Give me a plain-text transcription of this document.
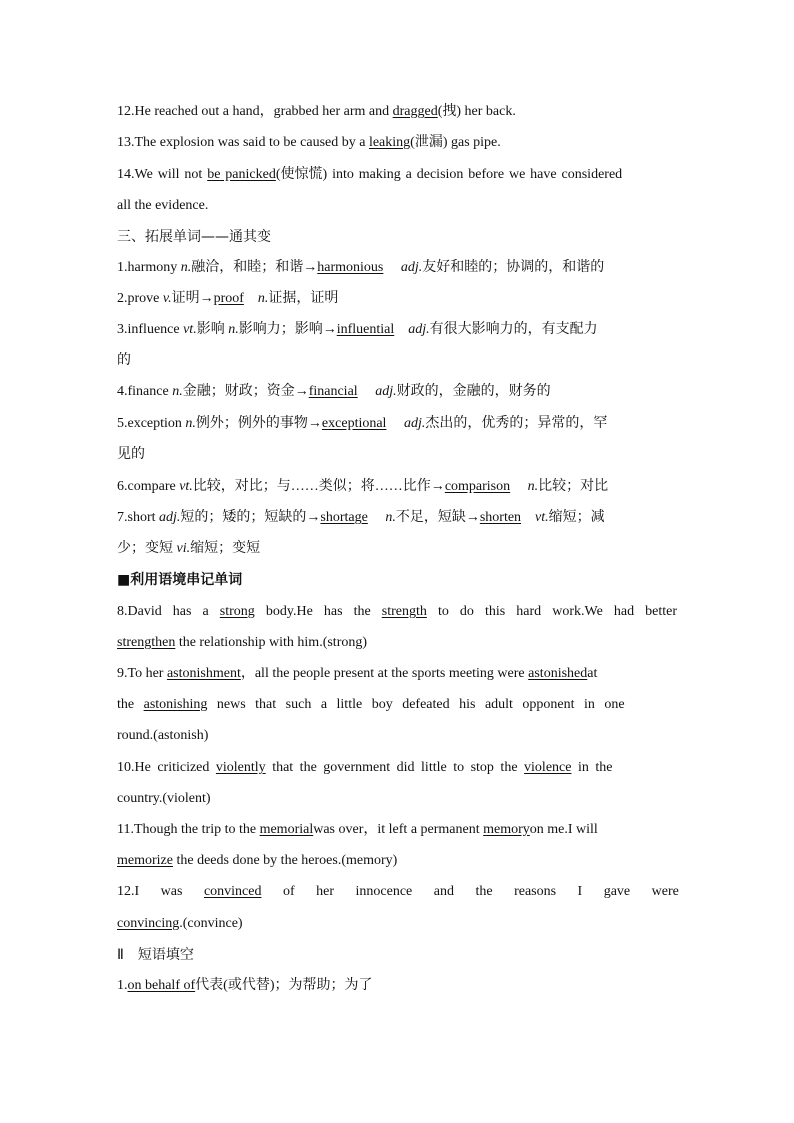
12.He reached out a hand，grabbed her arm and dragged(拽) her back.
13.The explosion was said to be caused by a leaking(泄漏) gas pipe.
14.We will not be panicked(使惊慌) into making a decision before we have considered
all the evidence.
三、拓展单词——通其变
1.harmony n.融洽，和睦；和谐→harmonious　 adj.友好和睦的；协调的，和谐的
2.prove v.证明→proof　n.证据，证明
3.influence vt.影响 n.影响力；影响→influential　adj.有很大影响力的，有支配力
的
4.finance n.金融；财政；资金→financial　 adj.财政的，金融的，财务的
5.exception n.例外；例外的事物→exceptional　 adj.杰出的，优秀的；异常的，罕
见的
6.compare vt.比较，对比；与……类似；将……比作→comparison　 n.比较；对比
7.short adj.短的；矮的；短缺的→shortage　 n.不足，短缺→shorten　vt.缩短；减
少；变短 vi.缩短；变短
■利用语境串记单词
8.David has a strong body.He has the strength to do this hard work.We had better
strengthen the relationship with him.(strong)
9.To her astonishment，all the people present at the sports meeting were astonishedat
the astonishing news that such a little boy defeated his adult opponent in one
round.(astonish)
10.He criticized violently that the government did little to stop the violence in the
country.(violent)
11.Though the trip to the memorialwas over，it left a permanent memoryon me.I will
memorize the deeds done by the heroes.(memory)
12.I was convinced of her innocence and the reasons I gave were
convincing.(convince)
Ⅱ　短语填空
1.on behalf of代表(或代替)；为帮助；为了
